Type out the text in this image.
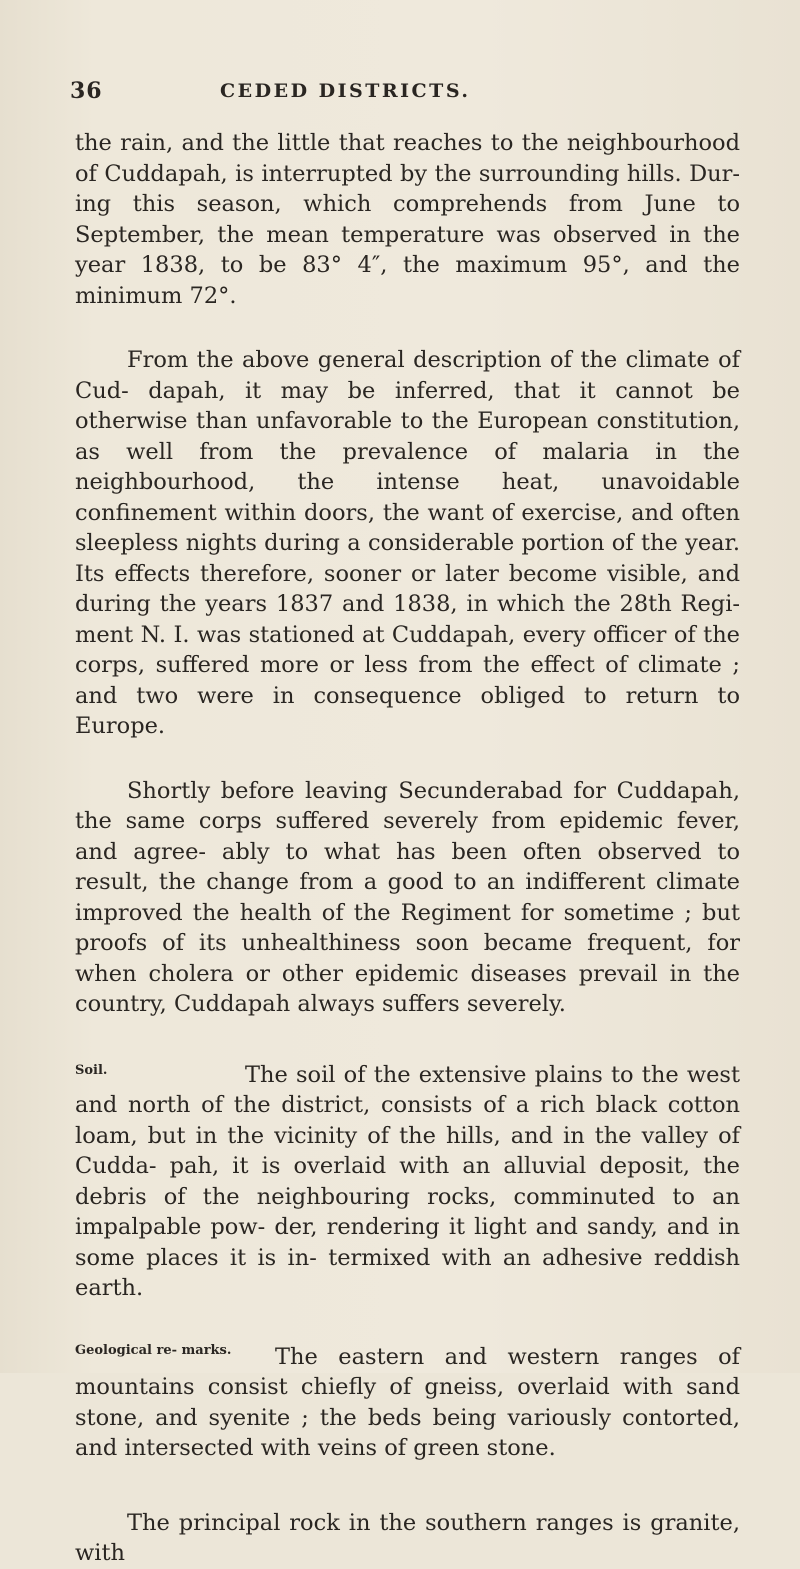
36	CEDED DISTRICTS.

the rain, and the little that reaches to the neighbourhood of Cuddapah, is interrupted by the surrounding hills. Dur- ing this season, which comprehends from June to September, the mean temperature was observed in the year 1838, to be 83° 4″, the maximum 95°, and the minimum 72°.

From the above general description of the climate of Cud- dapah, it may be inferred, that it cannot be otherwise than unfavorable to the European constitution, as well from the prevalence of malaria in the neighbourhood, the intense heat, unavoidable confinement within doors, the want of exercise, and often sleepless nights during a considerable portion of the year. Its effects therefore, sooner or later become visible, and during the years 1837 and 1838, in which the 28th Regi- ment N. I. was stationed at Cuddapah, every officer of the corps, suffered more or less from the effect of climate ; and two were in consequence obliged to return to Europe.

Shortly before leaving Secunderabad for Cuddapah, the same corps suffered severely from epidemic fever, and agree- ably to what has been often observed to result, the change from a good to an indifferent climate improved the health of the Regiment for sometime ; but proofs of its unhealthiness soon became frequent, for when cholera or other epidemic diseases prevail in the country, Cuddapah always suffers severely.

Soil.	The soil of the extensive plains to the west and north of the district, consists of a rich black cotton loam, but in the vicinity of the hills, and in the valley of Cudda- pah, it is overlaid with an alluvial deposit, the debris of the neighbouring rocks, comminuted to an impalpable pow- der, rendering it light and sandy, and in some places it is in- termixed with an adhesive reddish earth.

Geological re- marks. The eastern and western ranges of mountains consist chiefly of gneiss, overlaid with sand stone, and syenite ; the beds being variously contorted, and intersected with veins of green stone.

The principal rock in the southern ranges is granite, with
